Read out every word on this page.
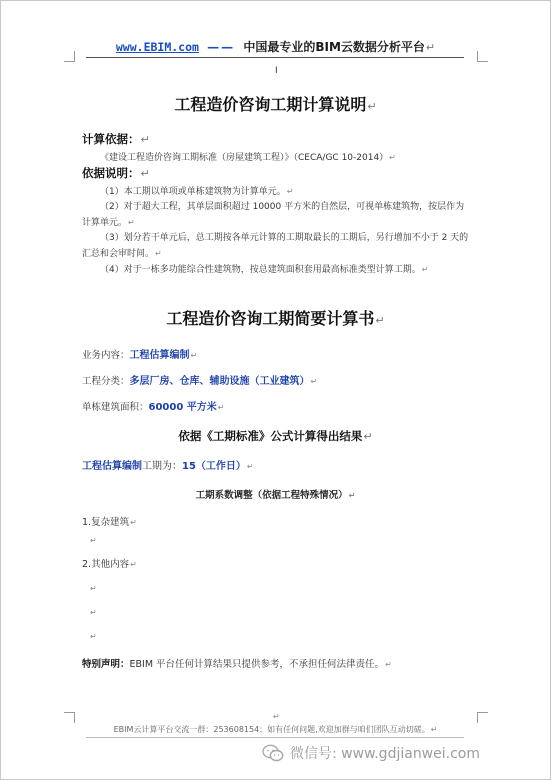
www.EBIM.com —— 中国最专业的BIM云数据分析平台↵
I
工程造价咨询工期计算说明↵
计算依据：↵
《建设工程造价咨询工期标准（房屋建筑工程）》（CECA/GC 10-2014）↵
依据说明：↵

（1）本工期以单项或单栋建筑物为计算单元。↵

（2）对于超大工程，其单层面积超过 10000 平方米的自然层，可视单栋建筑物，按层作为计算单元。↵

（3）划分若干单元后，总工期按各单元计算的工期取最长的工期后，另行增加不小于 2 天的汇总和会审时间。↵

（4）对于一栋多功能综合性建筑物，按总建筑面积套用最高标准类型计算工期。↵

工程造价咨询工期简要计算书↵
业务内容：工程估算编制↵
工程分类：多层厂房、仓库、辅助设施（工业建筑）↵
单栋建筑面积：60000 平方米↵
依据《工期标准》公式计算得出结果↵
工程估算编制工期为：15（工作日）↵
工期系数调整（依据工程特殊情况）↵
1.复杂建筑↵
↵
2.其他内容↵
↵
↵
↵
特别声明：EBIM 平台任何计算结果只提供参考，不承担任何法律责任。↵
↵
EBIM云计算平台交流一群：253608154；如有任何问题,欢迎加群与咱们团队互动切磋。↵
微信号: www.gdjianwei.com
